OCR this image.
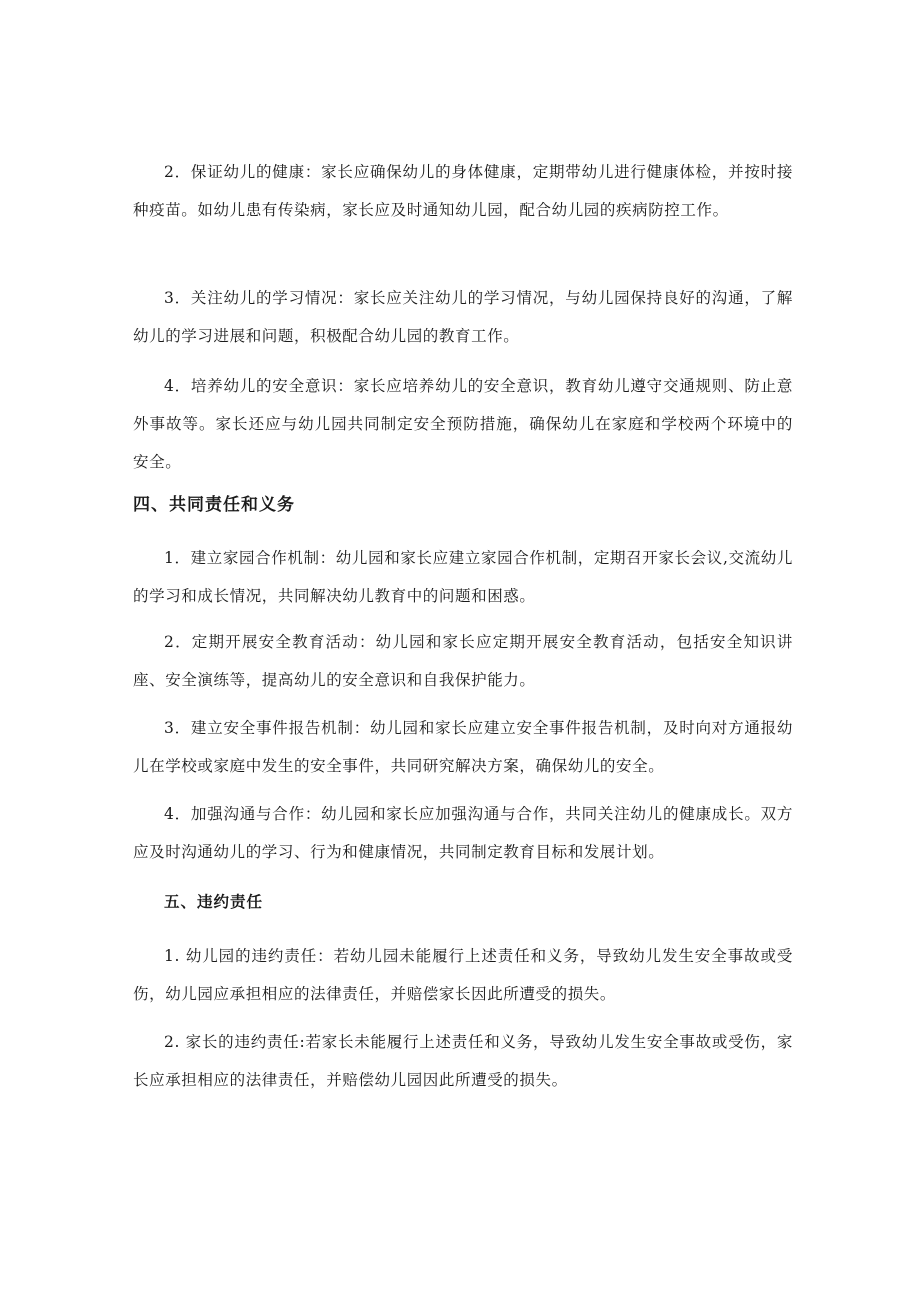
2．保证幼儿的健康：家长应确保幼儿的身体健康，定期带幼儿进行健康体检，并按时接种疫苗。如幼儿患有传染病，家长应及时通知幼儿园，配合幼儿园的疾病防控工作。

3．关注幼儿的学习情况：家长应关注幼儿的学习情况，与幼儿园保持良好的沟通，了解幼儿的学习进展和问题，积极配合幼儿园的教育工作。

4．培养幼儿的安全意识：家长应培养幼儿的安全意识，教育幼儿遵守交通规则、防止意外事故等。家长还应与幼儿园共同制定安全预防措施，确保幼儿在家庭和学校两个环境中的安全。

四、共同责任和义务

1．建立家园合作机制：幼儿园和家长应建立家园合作机制，定期召开家长会议,交流幼儿的学习和成长情况，共同解决幼儿教育中的问题和困惑。

2．定期开展安全教育活动：幼儿园和家长应定期开展安全教育活动，包括安全知识讲座、安全演练等，提高幼儿的安全意识和自我保护能力。

3．建立安全事件报告机制：幼儿园和家长应建立安全事件报告机制，及时向对方通报幼儿在学校或家庭中发生的安全事件，共同研究解决方案，确保幼儿的安全。

4．加强沟通与合作：幼儿园和家长应加强沟通与合作，共同关注幼儿的健康成长。双方应及时沟通幼儿的学习、行为和健康情况，共同制定教育目标和发展计划。

五、违约责任

1. 幼儿园的违约责任：若幼儿园未能履行上述责任和义务，导致幼儿发生安全事故或受伤，幼儿园应承担相应的法律责任，并赔偿家长因此所遭受的损失。

2. 家长的违约责任:若家长未能履行上述责任和义务，导致幼儿发生安全事故或受伤，家长应承担相应的法律责任，并赔偿幼儿园因此所遭受的损失。
